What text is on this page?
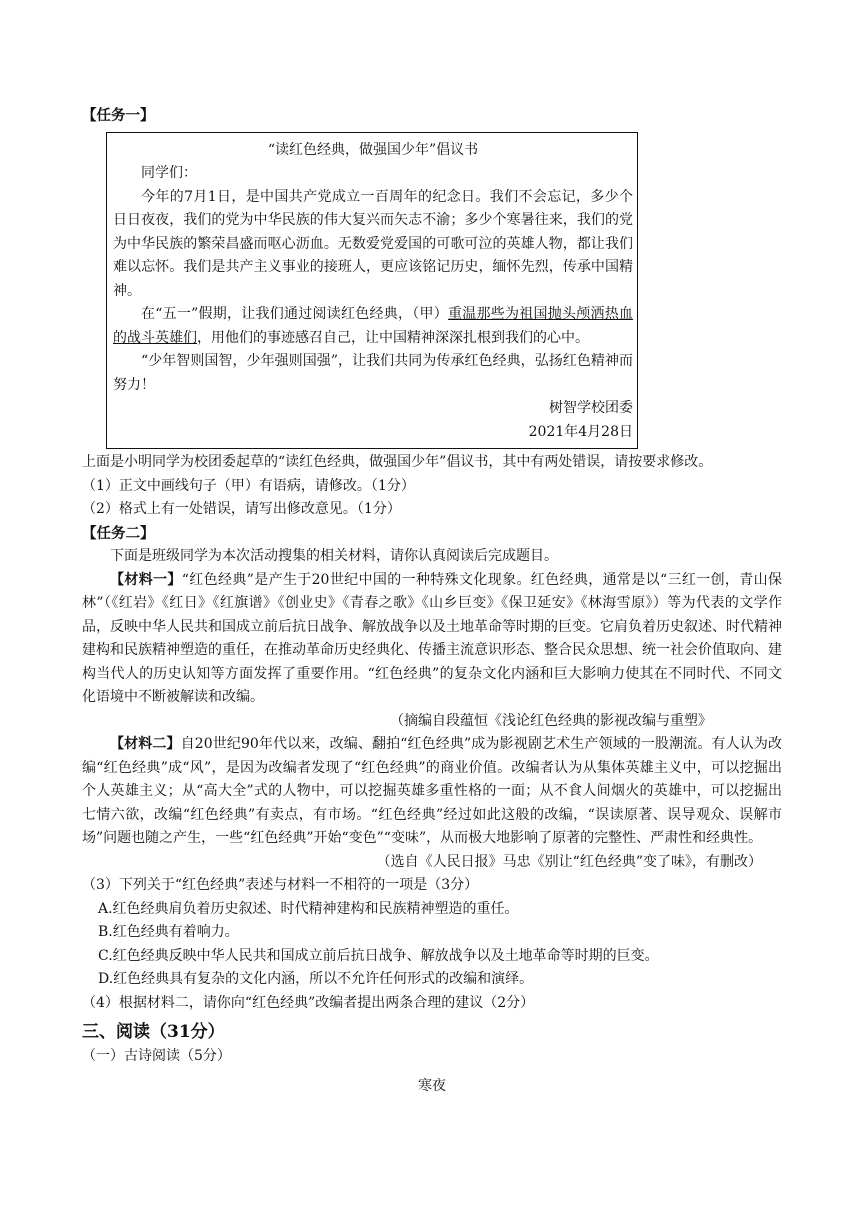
【任务一】

“读红色经典，做强国少年”倡议书

同学们：

今年的7月1日，是中国共产党成立一百周年的纪念日。我们不会忘记，多少个日日夜夜，我们的党为中华民族的伟大复兴而矢志不渝；多少个寒暑往来，我们的党为中华民族的繁荣昌盛而呕心沥血。无数爱党爱国的可歌可泣的英雄人物，都让我们难以忘怀。我们是共产主义事业的接班人，更应该铭记历史，缅怀先烈，传承中国精神。

在“五一”假期，让我们通过阅读红色经典，（甲）重温那些为祖国抛头颅洒热血的战斗英雄们，用他们的事迹感召自己，让中国精神深深扎根到我们的心中。

“少年智则国智，少年强则国强”，让我们共同为传承红色经典，弘扬红色精神而努力！

树智学校团委

2021年4月28日

上面是小明同学为校团委起草的“读红色经典，做强国少年”倡议书，其中有两处错误，请按要求修改。

（1）正文中画线句子（甲）有语病，请修改。（1分）

（2）格式上有一处错误，请写出修改意见。（1分）

【任务二】

下面是班级同学为本次活动搜集的相关材料，请你认真阅读后完成题目。

【材料一】“红色经典”是产生于20世纪中国的一种特殊文化现象。红色经典，通常是以“三红一创，青山保林”（《红岩》《红日》《红旗谱》《创业史》《青春之歌》《山乡巨变》《保卫延安》《林海雪原》）等为代表的文学作品，反映中华人民共和国成立前后抗日战争、解放战争以及土地革命等时期的巨变。它肩负着历史叙述、时代精神建构和民族精神塑造的重任，在推动革命历史经典化、传播主流意识形态、整合民众思想、统一社会价值取向、建构当代人的历史认知等方面发挥了重要作用。“红色经典”的复杂文化内涵和巨大影响力使其在不同时代、不同文化语境中不断被解读和改编。

（摘编自段蕴恒《浅论红色经典的影视改编与重塑》

【材料二】自20世纪90年代以来，改编、翻拍“红色经典”成为影视剧艺术生产领域的一股潮流。有人认为改编“红色经典”成“风”，是因为改编者发现了“红色经典”的商业价值。改编者认为从集体英雄主义中，可以挖掘出个人英雄主义；从“高大全”式的人物中，可以挖掘英雄多重性格的一面；从不食人间烟火的英雄中，可以挖掘出七情六欲，改编“红色经典”有卖点，有市场。“红色经典”经过如此这般的改编，“误读原著、误导观众、误解市场”问题也随之产生，一些“红色经典”开始“变色”“变味”，从而极大地影响了原著的完整性、严肃性和经典性。

（选自《人民日报》马忠《别让“红色经典”变了味》，有删改）

（3）下列关于“红色经典”表述与材料一不相符的一项是（3分）

A.红色经典肩负着历史叙述、时代精神建构和民族精神塑造的重任。

B.红色经典有着响力。

C.红色经典反映中华人民共和国成立前后抗日战争、解放战争以及土地革命等时期的巨变。

D.红色经典具有复杂的文化内涵，所以不允许任何形式的改编和演绎。

（4）根据材料二，请你向“红色经典”改编者提出两条合理的建议（2分）

三、阅读（31分）

（一）古诗阅读（5分）

寒夜
